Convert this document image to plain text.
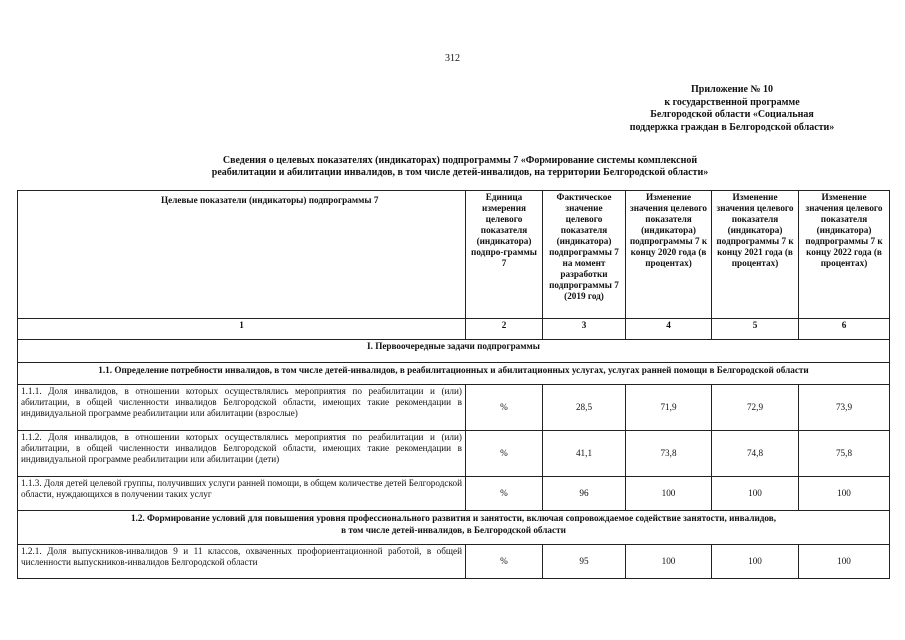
312
Приложение № 10
к государственной программе
Белгородской области «Социальная
поддержка граждан в Белгородской области»
Сведения о целевых показателях (индикаторах) подпрограммы 7 «Формирование системы комплексной
реабилитации и абилитации инвалидов, в том числе детей-инвалидов, на территории Белгородской области»
Целевые показатели (индикаторы) подпрограммы 7	Единица измерения целевого показателя (индикатора) подпро-граммы 7	Фактическое значение целевого показателя (индикатора) подпрограммы 7 на момент разработки подпрограммы 7 (2019 год)	Изменение значения целевого показателя (индикатора) подпрограммы 7 к концу 2020 года (в процентах)	Изменение значения целевого показателя (индикатора) подпрограммы 7 к концу 2021 года (в процентах)	Изменение значения целевого показателя (индикатора) подпрограммы 7 к концу 2022 года (в процентах)
1	2	3	4	5	6
I. Первоочередные задачи подпрограммы					
1.1. Определение потребности инвалидов, в том числе детей-инвалидов, в реабилитационных и абилитационных услугах, услугах ранней помощи в Белгородской области					
1.1.1. Доля инвалидов, в отношении которых осуществлялись мероприятия по реабилитации и (или) абилитации, в общей численности инвалидов Белгородской области, имеющих такие рекомендации в индивидуальной программе реабилитации или абилитации (взрослые)	%	28,5	71,9	72,9	73,9
1.1.2. Доля инвалидов, в отношении которых осуществлялись мероприятия по реабилитации и (или) абилитации, в общей численности инвалидов Белгородской области, имеющих такие рекомендации в индивидуальной программе реабилитации или абилитации (дети)	%	41,1	73,8	74,8	75,8
1.1.3. Доля детей целевой группы, получивших услуги ранней помощи, в общем количестве детей Белгородской области, нуждающихся в получении таких услуг	%	96	100	100	100

1.2. Формирование условий для повышения уровня профессионального развития и занятости, включая сопровождаемое содействие занятости, инвалидов,
в том числе детей-инвалидов, в Белгородской области					

1.2.1. Доля выпускников-инвалидов 9 и 11 классов, охваченных профориентационной работой, в общей численности выпускников-инвалидов Белгородской области	%	95	100	100	100
